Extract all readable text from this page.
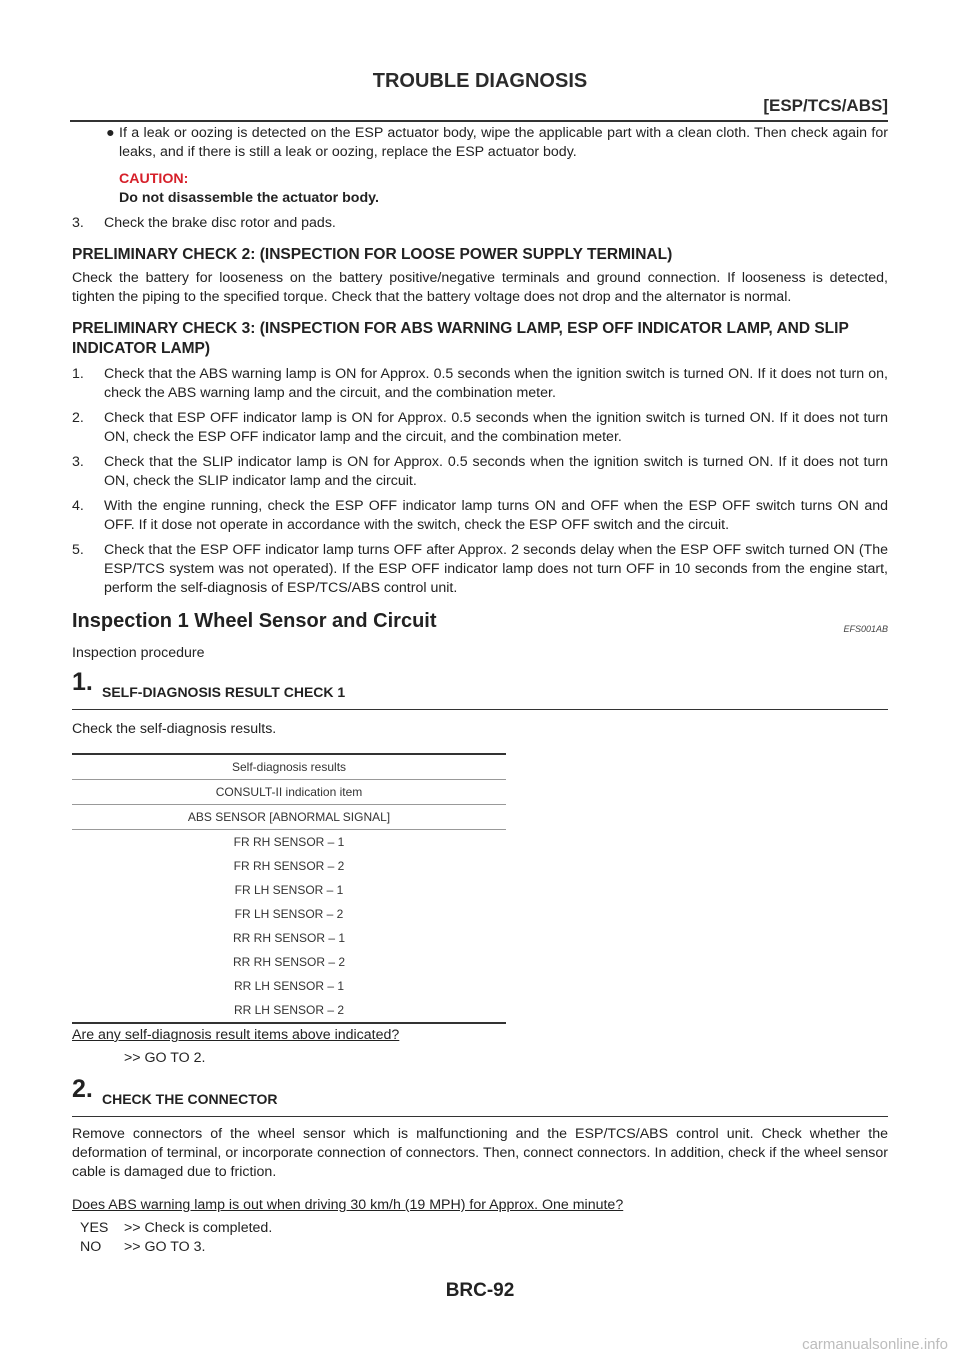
TROUBLE DIAGNOSIS
[ESP/TCS/ABS]
● If a leak or oozing is detected on the ESP actuator body, wipe the applicable part with a clean cloth. Then check again for leaks, and if there is still a leak or oozing, replace the ESP actuator body.
CAUTION:
Do not disassemble the actuator body.
3. Check the brake disc rotor and pads.
PRELIMINARY CHECK 2: (INSPECTION FOR LOOSE POWER SUPPLY TERMINAL)

Check the battery for looseness on the battery positive/negative terminals and ground connection. If looseness is detected, tighten the piping to the specified torque. Check that the battery voltage does not drop and the alternator is normal.

PRELIMINARY CHECK 3: (INSPECTION FOR ABS WARNING LAMP, ESP OFF INDICATOR LAMP, AND SLIP INDICATOR LAMP)
1. Check that the ABS warning lamp is ON for Approx. 0.5 seconds when the ignition switch is turned ON. If it does not turn on, check the ABS warning lamp and the circuit, and the combination meter.
2. Check that ESP OFF indicator lamp is ON for Approx. 0.5 seconds when the ignition switch is turned ON. If it does not turn ON, check the ESP OFF indicator lamp and the circuit, and the combination meter.
3. Check that the SLIP indicator lamp is ON for Approx. 0.5 seconds when the ignition switch is turned ON. If it does not turn ON, check the SLIP indicator lamp and the circuit.
4. With the engine running, check the ESP OFF indicator lamp turns ON and OFF when the ESP OFF switch turns ON and OFF. If it dose not operate in accordance with the switch, check the ESP OFF switch and the circuit.
5. Check that the ESP OFF indicator lamp turns OFF after Approx. 2 seconds delay when the ESP OFF switch turned ON (The ESP/TCS system was not operated). If the ESP OFF indicator lamp does not turn OFF in 10 seconds from the engine start, perform the self-diagnosis of ESP/TCS/ABS control unit.
Inspection 1 Wheel Sensor and Circuit	EFS001AB

Inspection procedure

1. SELF-DIAGNOSIS RESULT CHECK 1

Check the self-diagnosis results.

Self-diagnosis results
CONSULT-II indication item
ABS SENSOR [ABNORMAL SIGNAL]
FR RH SENSOR – 1
FR RH SENSOR – 2
FR LH SENSOR – 1
FR LH SENSOR – 2
RR RH SENSOR – 1
RR RH SENSOR – 2
RR LH SENSOR – 1
RR LH SENSOR – 2

Are any self-diagnosis result items above indicated?

>> GO TO 2.

2. CHECK THE CONNECTOR

Remove connectors of the wheel sensor which is malfunctioning and the ESP/TCS/ABS control unit. Check whether the deformation of terminal, or incorporate connection of connectors. Then, connect connectors. In addition, check if the wheel sensor cable is damaged due to friction.

Does ABS warning lamp is out when driving 30 km/h (19 MPH) for Approx. One minute?

YES >> Check is completed.
NO >> GO TO 3.
BRC-92
carmanualsonline.info
